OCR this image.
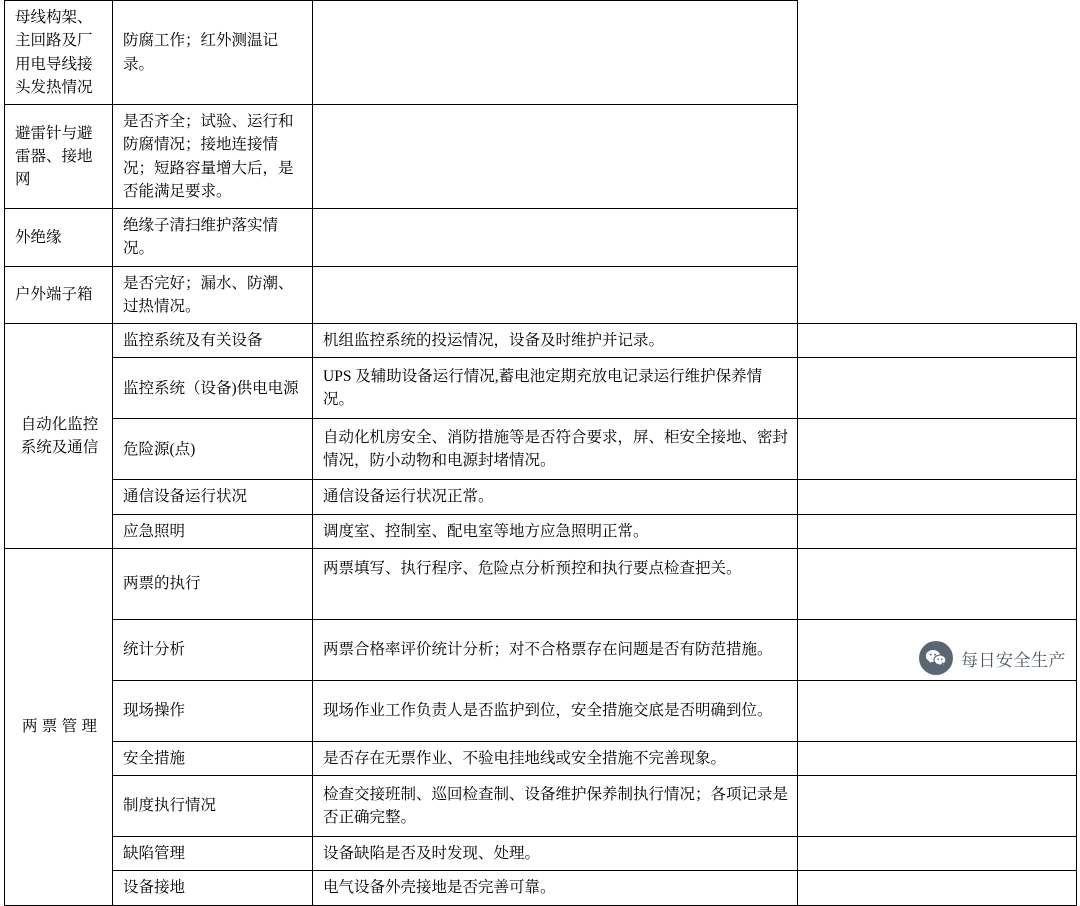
母线构架、主回路及厂用电导线接头发热情况	防腐工作；红外测温记录。		
避雷针与避雷器、接地网	是否齐全；试验、运行和防腐情况；接地连接情况；短路容量增大后，是否能满足要求。		
外绝缘	绝缘子清扫维护落实情况。		
户外端子箱	是否完好；漏水、防潮、过热情况。		
自动化监控系统及通信	监控系统及有关设备	机组监控系统的投运情况，设备及时维护并记录。	
	监控系统（设备)供电电源	UPS 及辅助设备运行情况,蓄电池定期充放电记录运行维护保养情况。	
	危险源(点)	自动化机房安全、消防措施等是否符合要求，屏、柜安全接地、密封情况，防小动物和电源封堵情况。	
	通信设备运行状况	通信设备运行状况正常。	
	应急照明	调度室、控制室、配电室等地方应急照明正常。	

两票管理	两票的执行	两票填写、执行程序、危险点分析预控和执行要点检查把关。	
	统计分析	两票合格率评价统计分析；对不合格票存在问题是否有防范措施。	
	现场操作	现场作业工作负责人是否监护到位，安全措施交底是否明确到位。	
	安全措施	是否存在无票作业、不验电挂地线或安全措施不完善现象。	
	制度执行情况	检查交接班制、巡回检查制、设备维护保养制执行情况；各项记录是否正确完整。	
	缺陷管理	设备缺陷是否及时发现、处理。	
	设备接地	电气设备外壳接地是否完善可靠。	
每日安全生产
